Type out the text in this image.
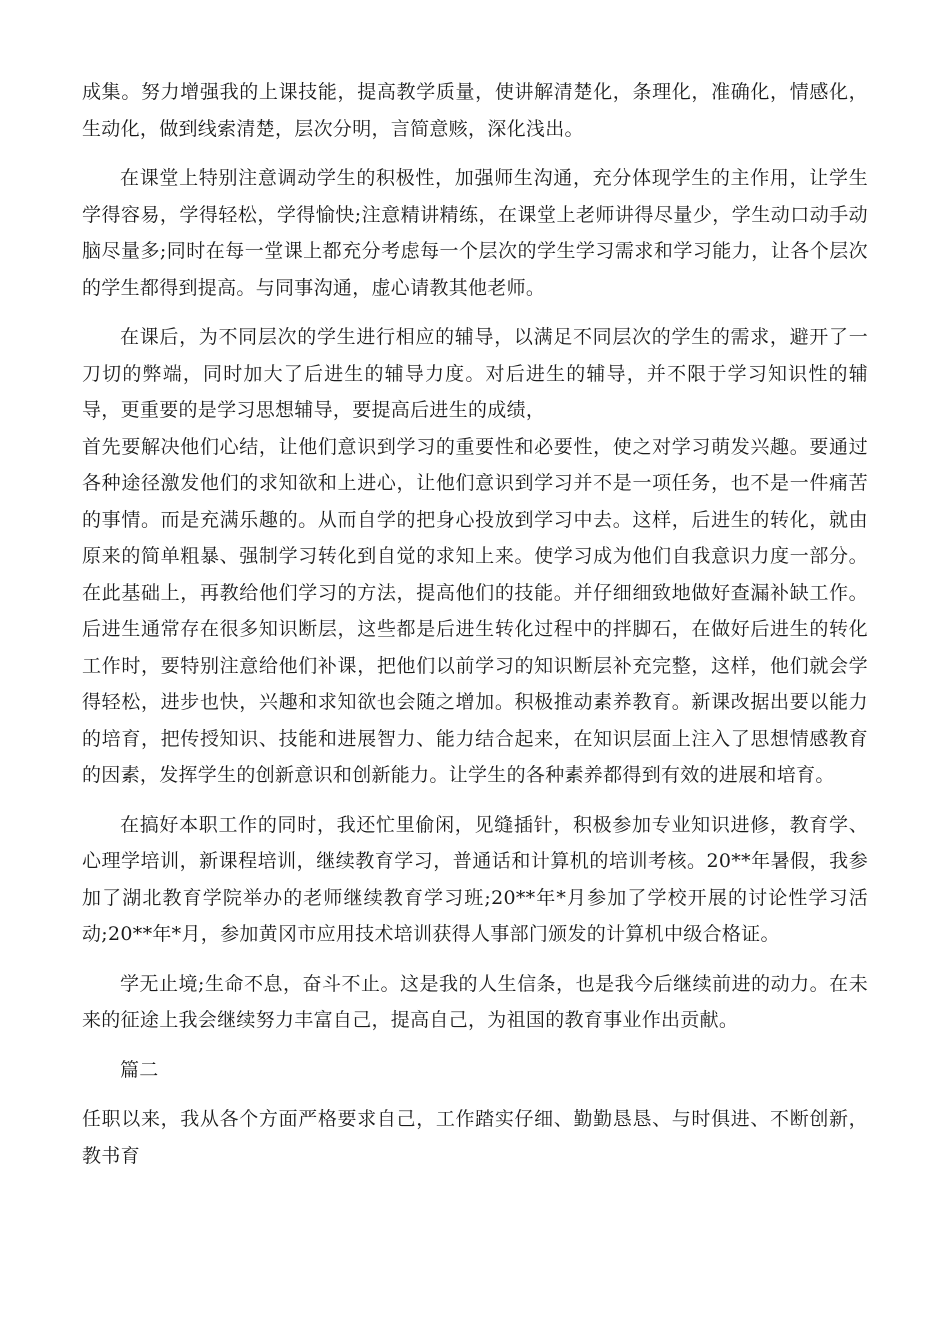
成集。努力增强我的上课技能，提高教学质量，使讲解清楚化，条理化，准确化，情感化，生动化，做到线索清楚，层次分明，言简意赅，深化浅出。

在课堂上特别注意调动学生的积极性，加强师生沟通，充分体现学生的主作用，让学生学得容易，学得轻松，学得愉快;注意精讲精练，在课堂上老师讲得尽量少，学生动口动手动脑尽量多;同时在每一堂课上都充分考虑每一个层次的学生学习需求和学习能力，让各个层次的学生都得到提高。与同事沟通，虚心请教其他老师。

在课后，为不同层次的学生进行相应的辅导，以满足不同层次的学生的需求，避开了一刀切的弊端，同时加大了后进生的辅导力度。对后进生的辅导，并不限于学习知识性的辅导，更重要的是学习思想辅导，要提高后进生的成绩，

首先要解决他们心结，让他们意识到学习的重要性和必要性，使之对学习萌发兴趣。要通过各种途径激发他们的求知欲和上进心，让他们意识到学习并不是一项任务，也不是一件痛苦的事情。而是充满乐趣的。从而自学的把身心投放到学习中去。这样，后进生的转化，就由原来的简单粗暴、强制学习转化到自觉的求知上来。使学习成为他们自我意识力度一部分。在此基础上，再教给他们学习的方法，提高他们的技能。并仔细细致地做好查漏补缺工作。后进生通常存在很多知识断层，这些都是后进生转化过程中的拌脚石，在做好后进生的转化工作时，要特别注意给他们补课，把他们以前学习的知识断层补充完整，这样，他们就会学得轻松，进步也快，兴趣和求知欲也会随之增加。积极推动素养教育。新课改据出要以能力的培育，把传授知识、技能和进展智力、能力结合起来，在知识层面上注入了思想情感教育的因素，发挥学生的创新意识和创新能力。让学生的各种素养都得到有效的进展和培育。

在搞好本职工作的同时，我还忙里偷闲，见缝插针，积极参加专业知识进修，教育学、心理学培训，新课程培训，继续教育学习，普通话和计算机的培训考核。20**年暑假，我参加了湖北教育学院举办的老师继续教育学习班;20**年*月参加了学校开展的讨论性学习活动;20**年*月，参加黄冈市应用技术培训获得人事部门颁发的计算机中级合格证。

学无止境;生命不息，奋斗不止。这是我的人生信条，也是我今后继续前进的动力。在未来的征途上我会继续努力丰富自己，提高自己，为祖国的教育事业作出贡献。

篇二

任职以来，我从各个方面严格要求自己，工作踏实仔细、勤勤恳恳、与时俱进、不断创新，教书育
